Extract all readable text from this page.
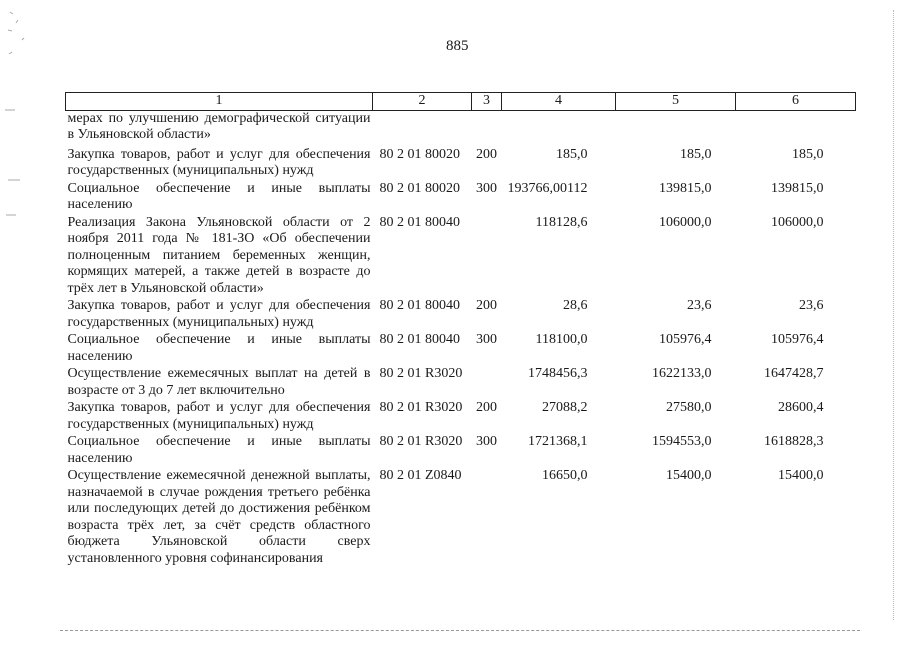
885
1	2	3	4	5	6
мерах по улучшению демографической ситуации в Ульяновской области»					
Закупка товаров, работ и услуг для обеспечения государственных (муниципальных) нужд	80 2 01 80020	200	185,0	185,0	185,0
Социальное обеспечение и иные выплаты населению	80 2 01 80020	300	193766,00112	139815,0	139815,0
Реализация Закона Ульяновской области от 2 ноября 2011 года № 181-ЗО «Об обеспечении полноценным питанием беременных женщин, кормящих матерей, а также детей в возрасте до трёх лет в Ульяновской области»	80 2 01 80040		118128,6	106000,0	106000,0
Закупка товаров, работ и услуг для обеспечения государственных (муниципальных) нужд	80 2 01 80040	200	28,6	23,6	23,6
Социальное обеспечение и иные выплаты населению	80 2 01 80040	300	118100,0	105976,4	105976,4
Осуществление ежемесячных выплат на детей в возрасте от 3 до 7 лет включительно	80 2 01 R3020		1748456,3	1622133,0	1647428,7
Закупка товаров, работ и услуг для обеспечения государственных (муниципальных) нужд	80 2 01 R3020	200	27088,2	27580,0	28600,4
Социальное обеспечение и иные выплаты населению	80 2 01 R3020	300	1721368,1	1594553,0	1618828,3
Осуществление ежемесячной денежной выплаты, назначаемой в случае рождения третьего ребёнка или последующих детей до достижения ребёнком возраста трёх лет, за счёт средств областного бюджета Ульяновской области сверх установленного уровня софинансирования	80 2 01 Z0840		16650,0	15400,0	15400,0
